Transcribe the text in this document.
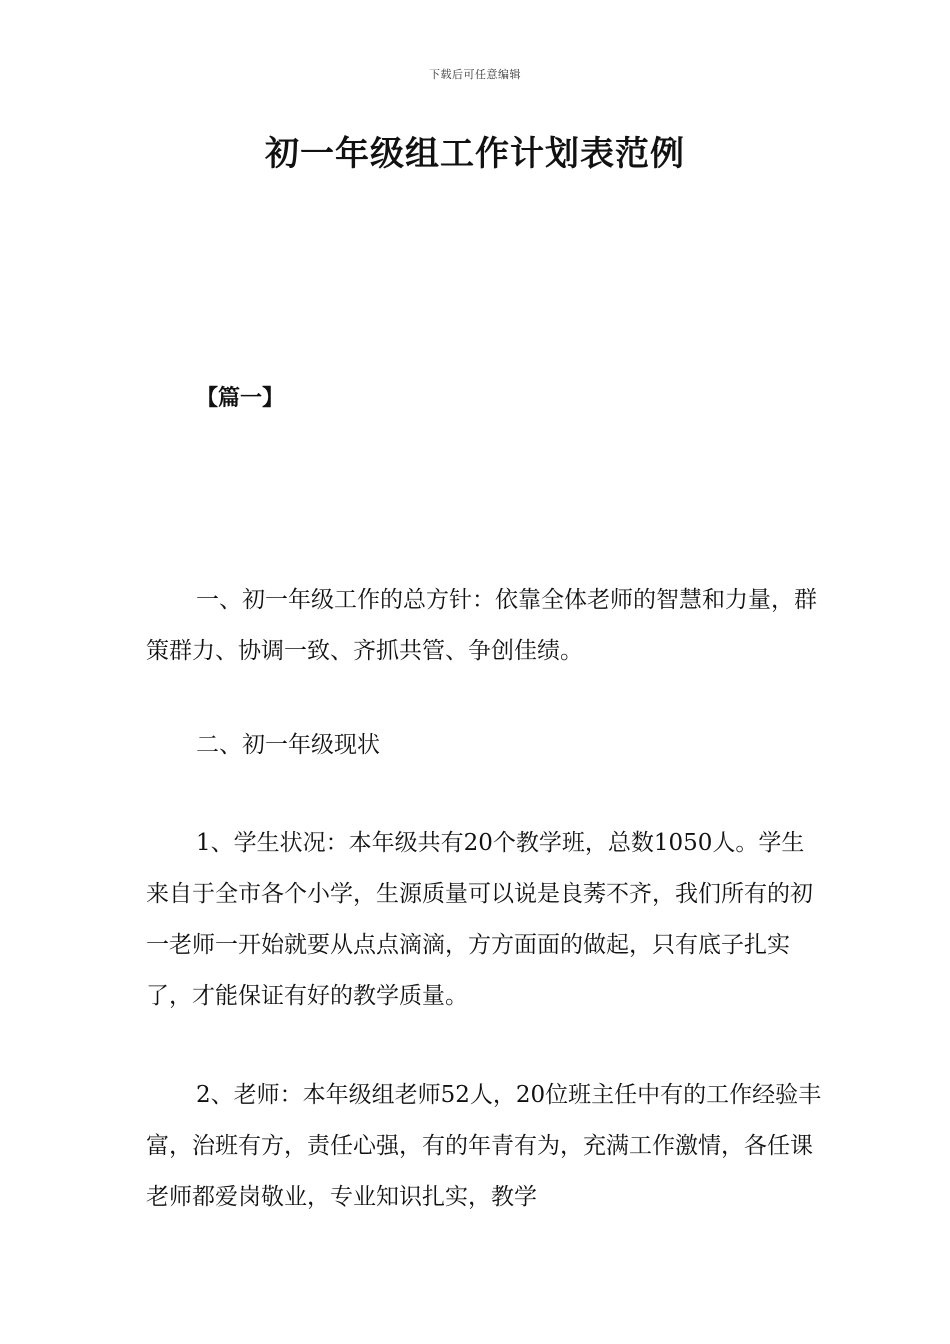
下载后可任意编辑
初一年级组工作计划表范例
【篇一】

一、初一年级工作的总方针：依靠全体老师的智慧和力量，群策群力、协调一致、齐抓共管、争创佳绩。

二、初一年级现状

1、学生状况：本年级共有20个教学班，总数1050人。学生来自于全市各个小学，生源质量可以说是良莠不齐，我们所有的初一老师一开始就要从点点滴滴，方方面面的做起，只有底子扎实了，才能保证有好的教学质量。

2、老师：本年级组老师52人，20位班主任中有的工作经验丰富，治班有方，责任心强，有的年青有为，充满工作激情，各任课老师都爱岗敬业，专业知识扎实，教学
